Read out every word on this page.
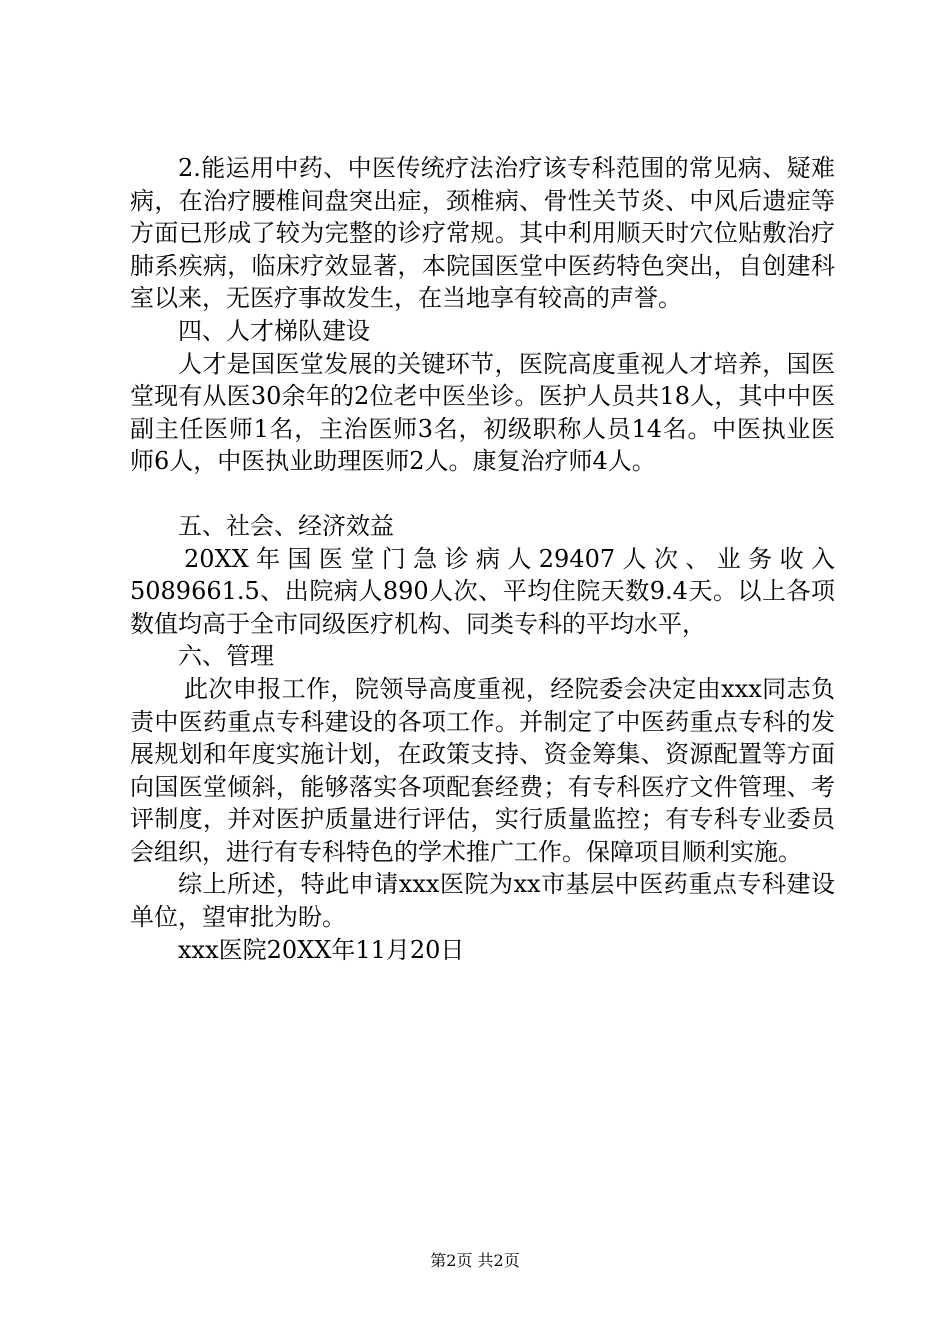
2.能运用中药、中医传统疗法治疗该专科范围的常见病、疑难病，在治疗腰椎间盘突出症，颈椎病、骨性关节炎、中风后遗症等方面已形成了较为完整的诊疗常规。其中利用顺天时穴位贴敷治疗肺系疾病，临床疗效显著，本院国医堂中医药特色突出，自创建科室以来，无医疗事故发生，在当地享有较高的声誉。

四、人才梯队建设

人才是国医堂发展的关键环节，医院高度重视人才培养，国医堂现有从医30余年的2位老中医坐诊。医护人员共18人，其中中医副主任医师1名，主治医师3名，初级职称人员14名。中医执业医师6人，中医执业助理医师2人。康复治疗师4人。

五、社会、经济效益

20XX年国医堂门急诊病人29407人次、业务收入5089661.5、出院病人890人次、平均住院天数9.4天。以上各项数值均高于全市同级医疗机构、同类专科的平均水平，

六、管理

此次申报工作，院领导高度重视，经院委会决定由xxx同志负责中医药重点专科建设的各项工作。并制定了中医药重点专科的发展规划和年度实施计划，在政策支持、资金筹集、资源配置等方面向国医堂倾斜，能够落实各项配套经费；有专科医疗文件管理、考评制度，并对医护质量进行评估，实行质量监控；有专科专业委员会组织，进行有专科特色的学术推广工作。保障项目顺利实施。

综上所述，特此申请xxx医院为xx市基层中医药重点专科建设单位，望审批为盼。

xxx医院20XX年11月20日

第2页 共2页
